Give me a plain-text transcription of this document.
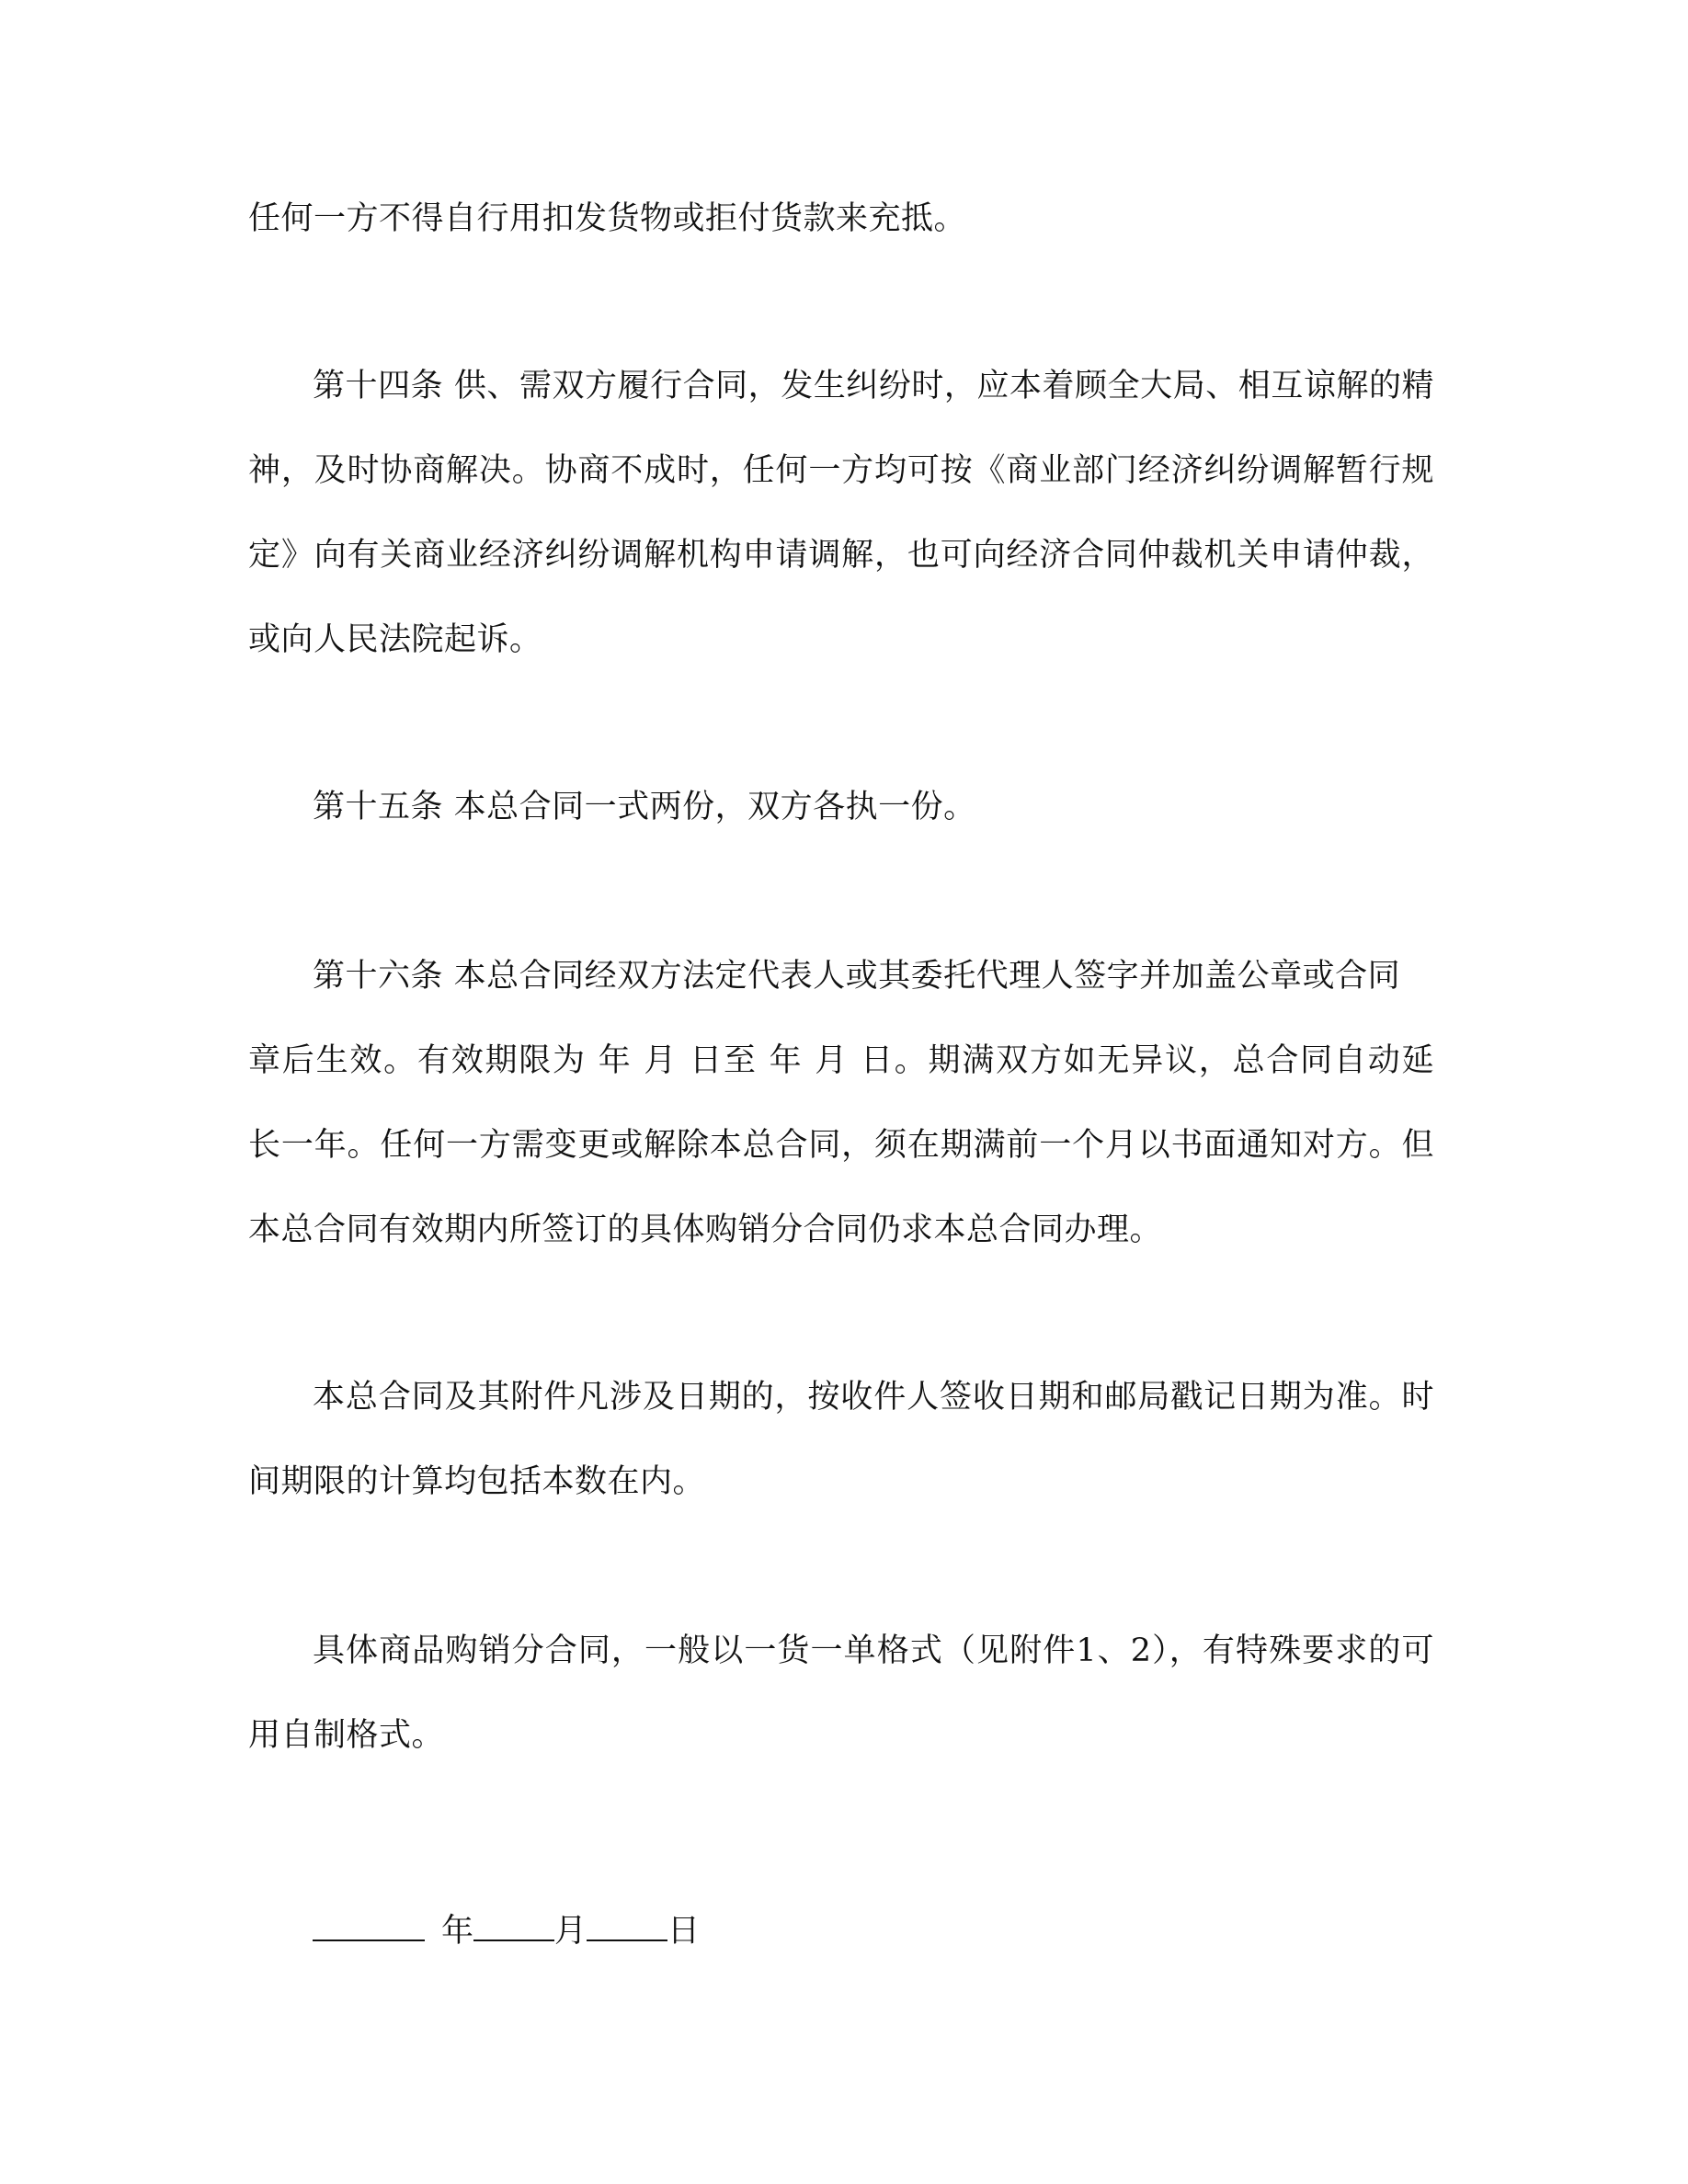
任何一方不得自行用扣发货物或拒付货款来充抵。

第十四条 供、需双方履行合同，发生纠纷时，应本着顾全大局、相互谅解的精

神，及时协商解决。协商不成时，任何一方均可按《商业部门经济纠纷调解暂行规

定》向有关商业经济纠纷调解机构申请调解，也可向经济合同仲裁机关申请仲裁，

或向人民法院起诉。

第十五条 本总合同一式两份，双方各执一份。

第十六条 本总合同经双方法定代表人或其委托代理人签字并加盖公章或合同

章后生效。有效期限为 年 月 日至 年 月 日。期满双方如无异议，总合同自动延

长一年。任何一方需变更或解除本总合同，须在期满前一个月以书面通知对方。但

本总合同有效期内所签订的具体购销分合同仍求本总合同办理。

本总合同及其附件凡涉及日期的，按收件人签收日期和邮局戳记日期为准。时

间期限的计算均包括本数在内。

具体商品购销分合同，一般以一货一单格式（见附件1、2），有特殊要求的可

用自制格式。

年	月	日
